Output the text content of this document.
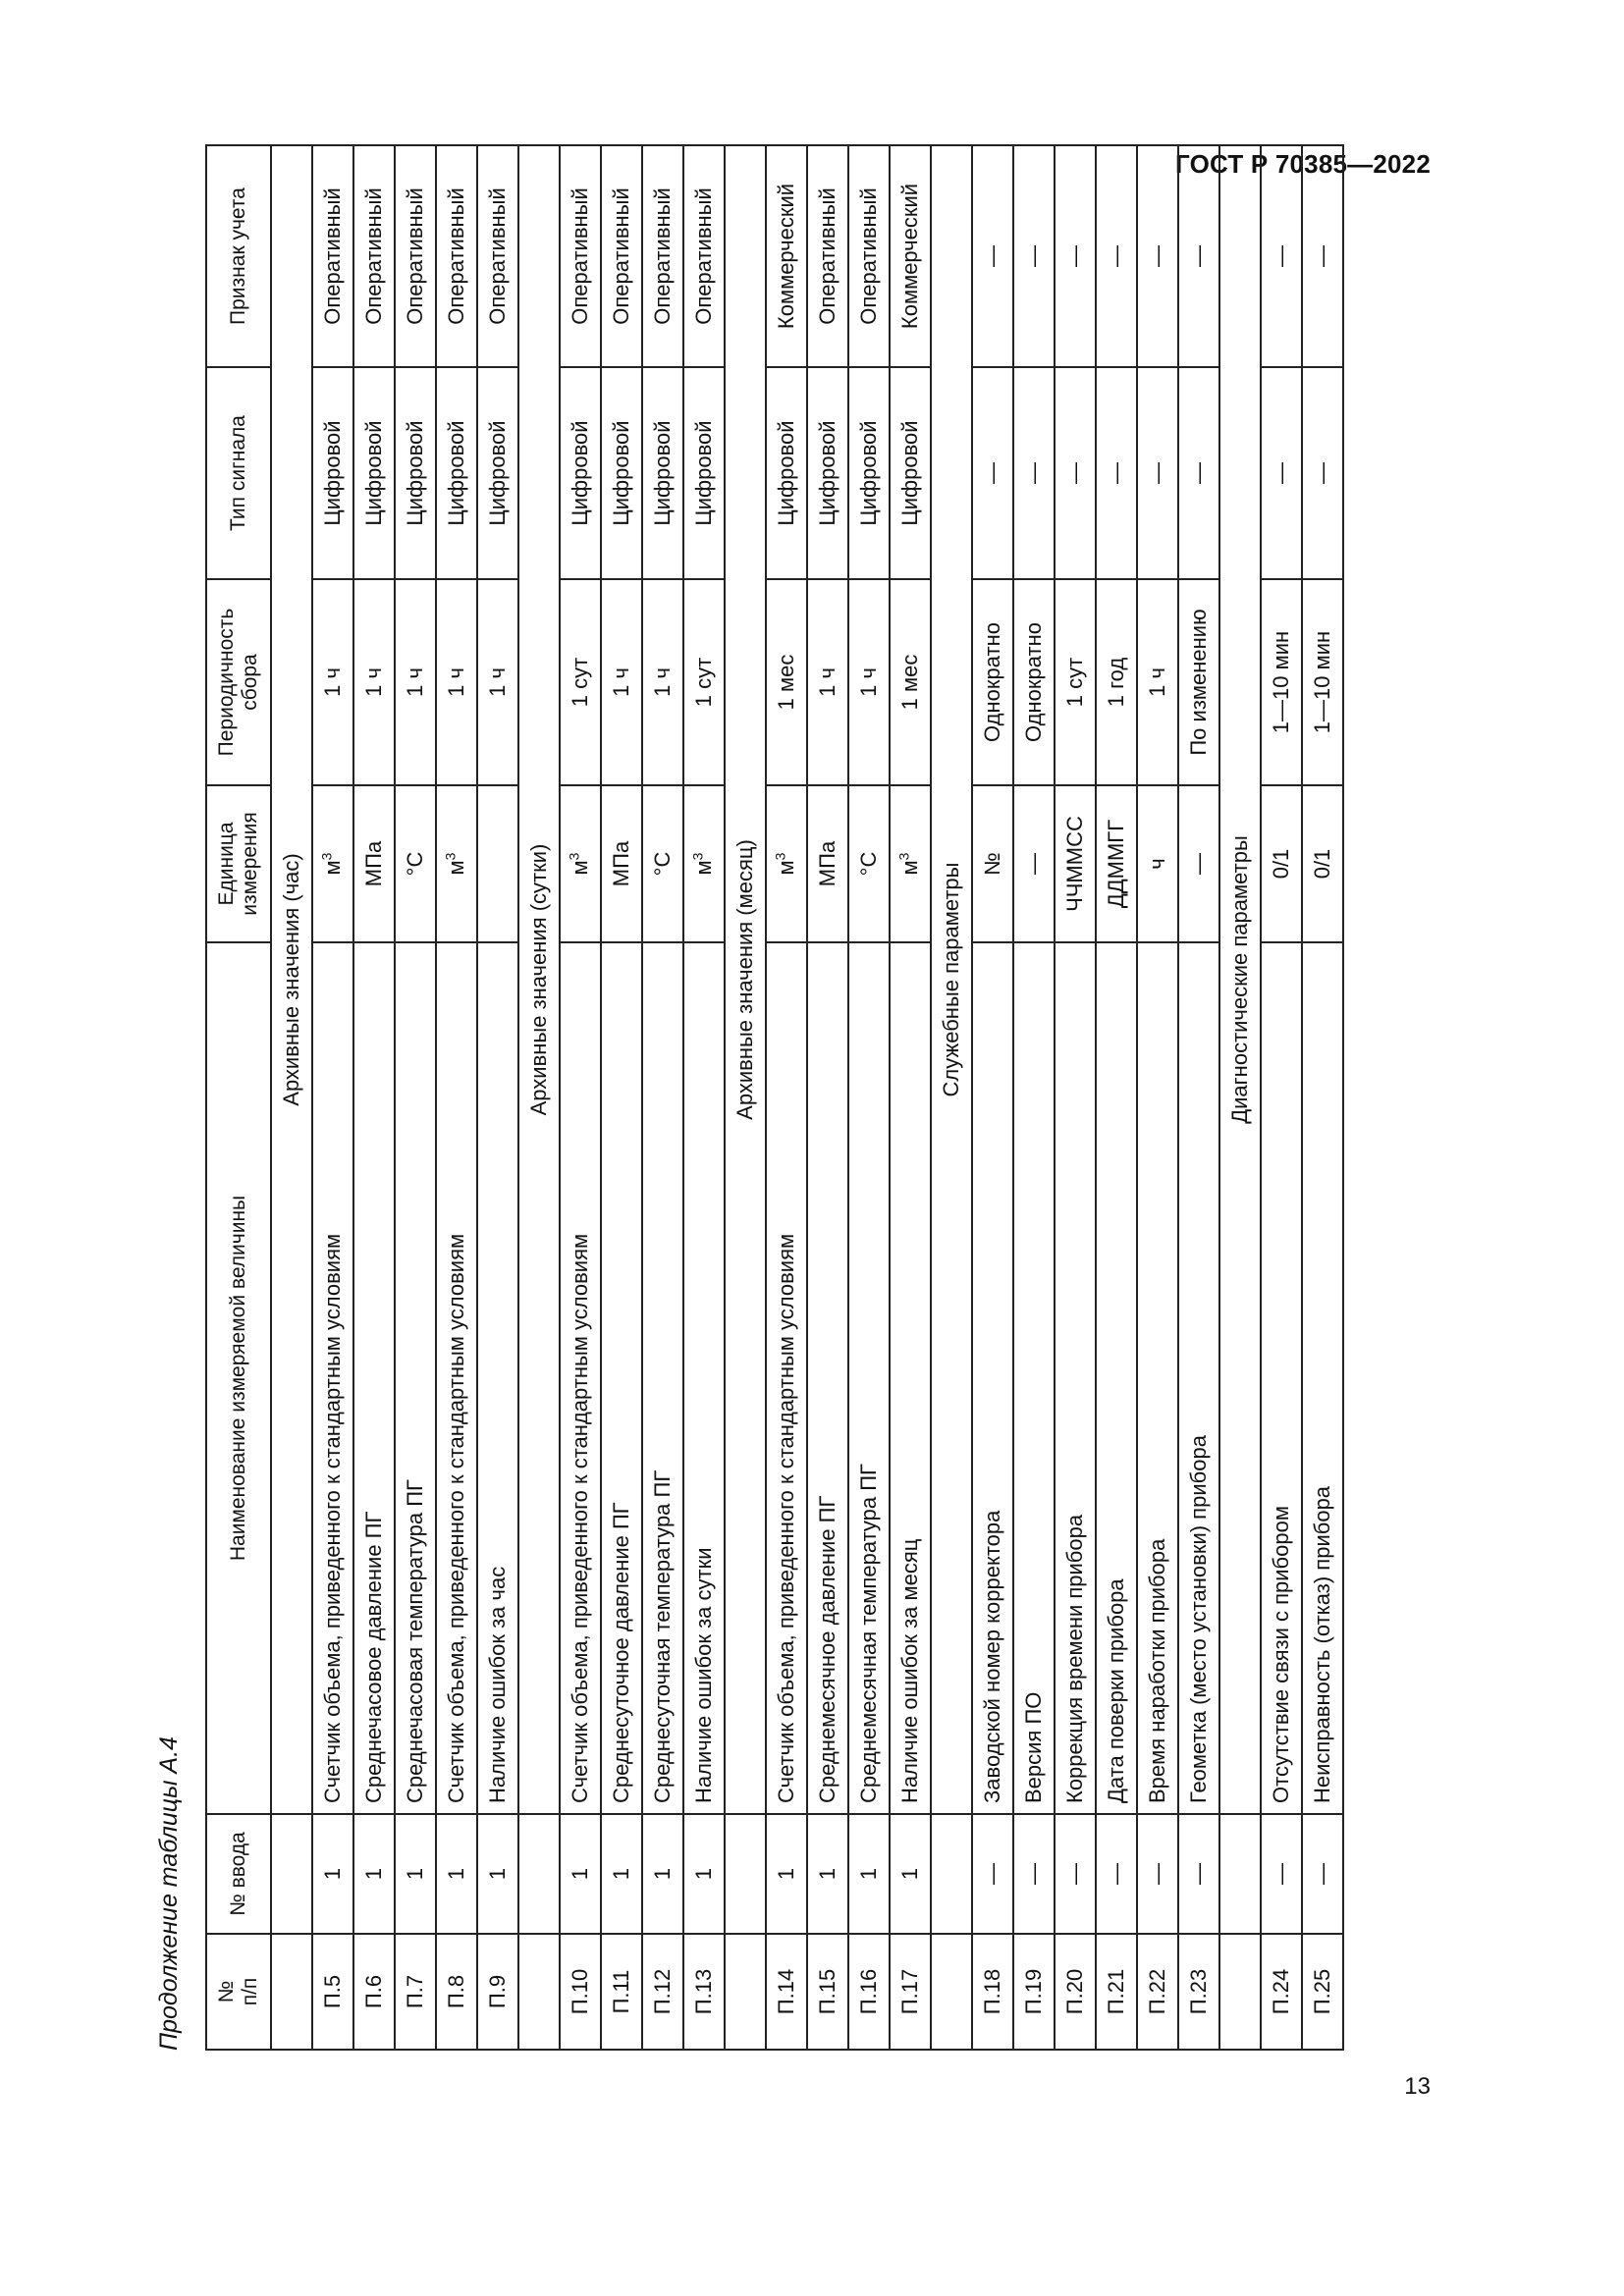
ГОСТ Р 70385—2022
Продолжение таблицы А.4	№
п/п	№ ввода	Наименование измеряемой величины	Единица
измерения	Периодичность
сбора	Тип сигнала	Признак учета
		Архивные значения (час)				
П.5	1	Счетчик объема, приведенного к стандартным условиям	$м^3$	1 ч	Цифровой	Оперативный
П.6	1	Среднечасовое давление ПГ	МПа	1 ч	Цифровой	Оперативный
П.7	1	Среднечасовая температура ПГ	°С	1 ч	Цифровой	Оперативный
П.8	1	Счетчик объема, приведенного к стандартным условиям	$м^3$	1 ч	Цифровой	Оперативный
П.9	1	Наличие ошибок за час		1 ч	Цифровой	Оперативный
		Архивные значения (сутки)				
П.10	1	Счетчик объема, приведенного к стандартным условиям	$м^3$	1 сут	Цифровой	Оперативный
П.11	1	Среднесуточное давление ПГ	МПа	1 ч	Цифровой	Оперативный
П.12	1	Среднесуточная температура ПГ	°С	1 ч	Цифровой	Оперативный
П.13	1	Наличие ошибок за сутки	$м^3$	1 сут	Цифровой	Оперативный
		Архивные значения (месяц)				
П.14	1	Счетчик объема, приведенного к стандартным условиям	$м^3$	1 мес	Цифровой	Коммерческий
П.15	1	Среднемесячное давление ПГ	МПа	1 ч	Цифровой	Оперативный
П.16	1	Среднемесячная температура ПГ	°С	1 ч	Цифровой	Оперативный
П.17	1	Наличие ошибок за месяц	$м^3$	1 мес	Цифровой	Коммерческий
		Служебные параметры				
П.18	—	Заводской номер корректора	№	Однократно	—	—
П.19	—	Версия ПО	—	Однократно	—	—
П.20	—	Коррекция времени прибора	ЧЧММСС	1 сут	—	—
П.21	—	Дата поверки прибора	ДДММГГ	1 год	—	—
П.22	—	Время наработки прибора	ч	1 ч	—	—
П.23	—	Геометка (место установки) прибора	—	По изменению	—	—
		Диагностические параметры				
П.24	—	Отсутствие связи с прибором	0/1	1—10 мин	—	—
П.25	—	Неисправность (отказ) прибора	0/1	1—10 мин	—	—
13
